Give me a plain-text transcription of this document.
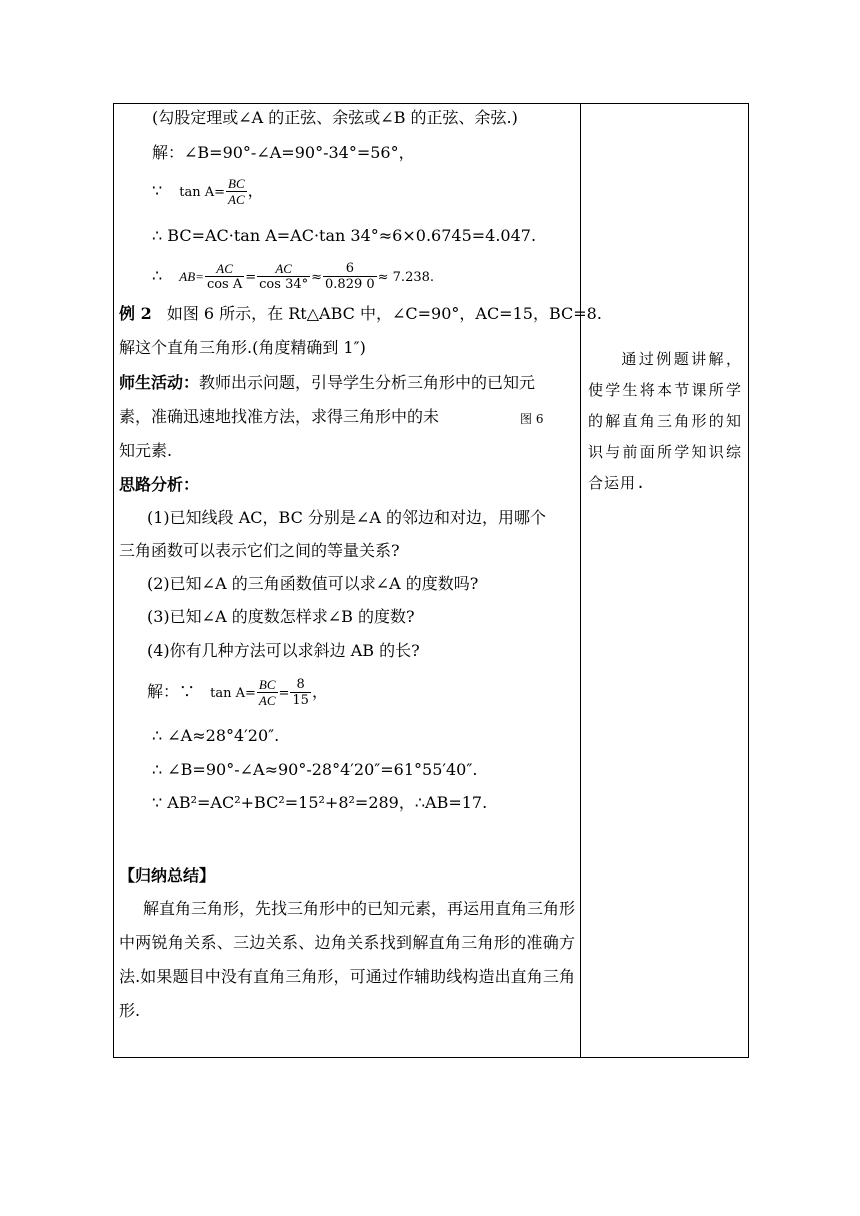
(勾股定理或∠A 的正弦、余弦或∠B 的正弦、余弦.)
解：∠B=90°-∠A=90°-34°=56°，
∵ $\tan A= \frac{BC}{AC}$ ，
∴ BC=AC·tan A=AC·tan 34°≈6×0.6745=4.047.
∴ $AB= \frac{AC}{\text{cos A}} = \frac{AC}{\cos 34^\circ} \approx \frac{6}{0.829 0} \approx 7.238$.
例 2 如图 6 所示，在 Rt△ABC 中，∠C=90°，AC=15，BC=8.
解这个直角三角形.(角度精确到 1″)
师生活动：教师出示问题，引导学生分析三角形中的已知元
素，准确迅速地找准方法，求得三角形中的未	图 6
知元素.
思路分析：
(1)已知线段 AC，BC 分别是∠A 的邻边和对边，用哪个
三角函数可以表示它们之间的等量关系?
(2)已知∠A 的三角函数值可以求∠A 的度数吗?
(3)已知∠A 的度数怎样求∠B 的度数?
(4)你有几种方法可以求斜边 AB 的长?
解：∵ $\tan A= \frac{BC}{AC} = \frac{8}{15}$ ，
∴ ∠A≈28°4′20″.
∴ ∠B=90°-∠A≈90°-28°4′20″=61°55′40″.
∵ AB²=AC²+BC²=15²+8²=289，∴AB=17.
【归纳总结】
解直角三角形，先找三角形中的已知元素，再运用直角三角形中两锐角关系、三边关系、边角关系找到解直角三角形的准确方法.如果题目中没有直角三角形，可通过作辅助线构造出直角三角形.
通过例题讲解，使学生将本节课所学的解直角三角形的知识与前面所学知识综合运用.
